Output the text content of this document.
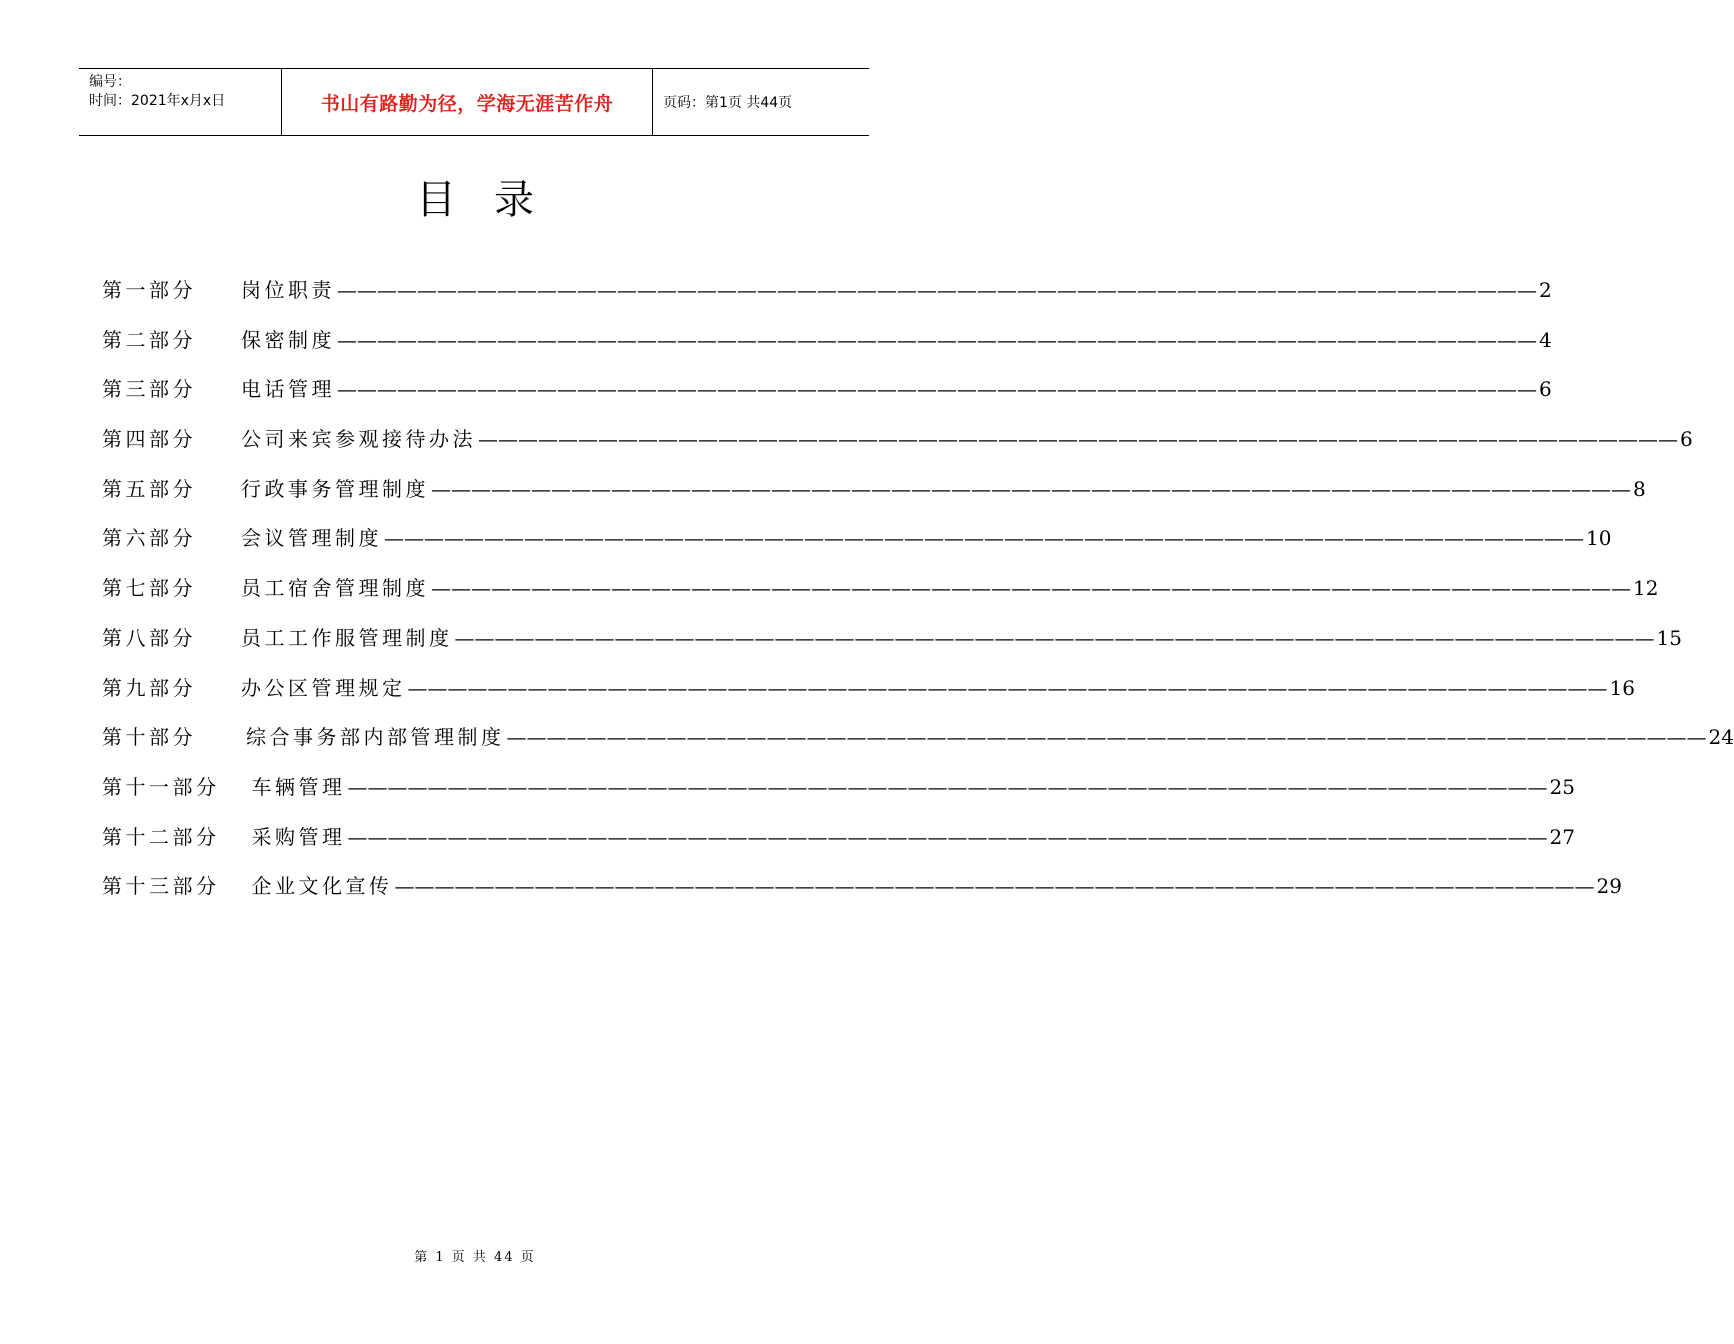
编号：
时间：2021年x月x日	书山有路勤为径，学海无涯苦作舟	页码：第1页 共44页
目录
第一部分 岗位职责 ———————————————————————————————————————————————————————————— 2
第二部分 保密制度 ———————————————————————————————————————————————————————————— 4
第三部分 电话管理 ———————————————————————————————————————————————————————————— 6
第四部分 公司来宾参观接待办法 ———————————————————————————————————————————————————————————— 6
第五部分 行政事务管理制度 ———————————————————————————————————————————————————————————— 8
第六部分 会议管理制度 ———————————————————————————————————————————————————————————— 10
第七部分 员工宿舍管理制度 ———————————————————————————————————————————————————————————— 12
第八部分 员工工作服管理制度 ———————————————————————————————————————————————————————————— 15
第九部分 办公区管理规定 ———————————————————————————————————————————————————————————— 16
第十部分	综合事务部内部管理制度 ———————————————————————————————————————————————————————————— 24
第十一部分 车辆管理 ———————————————————————————————————————————————————————————— 25
第十二部分 采购管理 ———————————————————————————————————————————————————————————— 27
第十三部分 企业文化宣传 ———————————————————————————————————————————————————————————— 29
第 1 页 共 44 页
